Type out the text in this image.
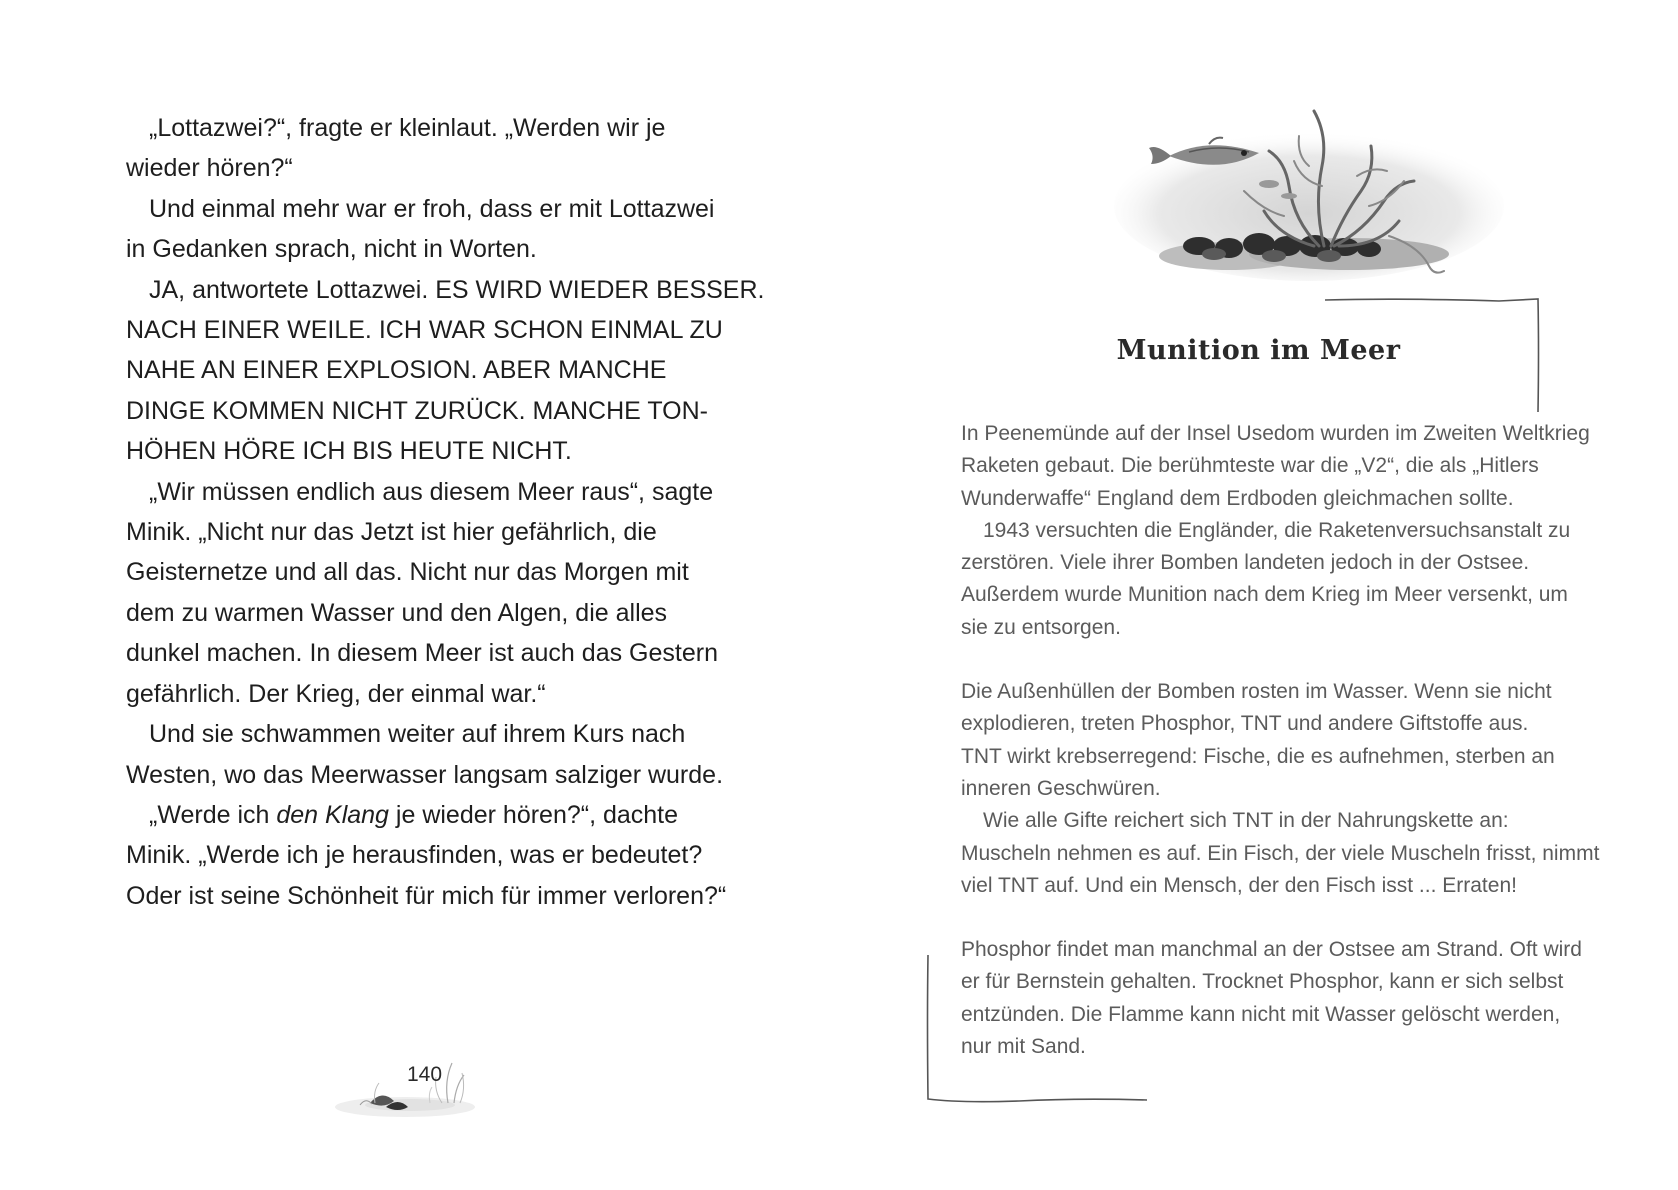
„Lottazwei?“, fragte er kleinlaut. „Werden wir je

wieder hören?“

Und einmal mehr war er froh, dass er mit Lottazwei

in Gedanken sprach, nicht in Worten.

JA, antwortete Lottazwei. ES WIRD WIEDER BESSER.

NACH EINER WEILE. ICH WAR SCHON EINMAL ZU

NAHE AN EINER EXPLOSION. ABER MANCHE

DINGE KOMMEN NICHT ZURÜCK. MANCHE TON-

HÖHEN HÖRE ICH BIS HEUTE NICHT.

„Wir müssen endlich aus diesem Meer raus“, sagte

Minik. „Nicht nur das Jetzt ist hier gefährlich, die

Geisternetze und all das. Nicht nur das Morgen mit

dem zu warmen Wasser und den Algen, die alles

dunkel machen. In diesem Meer ist auch das Gestern

gefährlich. Der Krieg, der einmal war.“

Und sie schwammen weiter auf ihrem Kurs nach

Westen, wo das Meerwasser langsam salziger wurde.

„Werde ich den Klang je wieder hören?“, dachte

Minik. „Werde ich je herausfinden, was er bedeutet?

Oder ist seine Schönheit für mich für immer verloren?“

140
Munition im Meer

In Peenemünde auf der Insel Usedom wurden im Zweiten Weltkrieg

Raketen gebaut. Die berühmteste war die „V2“, die als „Hitlers

Wunderwaffe“ England dem Erdboden gleichmachen sollte.

1943 versuchten die Engländer, die Raketenversuchsanstalt zu

zerstören. Viele ihrer Bomben landeten jedoch in der Ostsee.

Außerdem wurde Munition nach dem Krieg im Meer versenkt, um

sie zu entsorgen.

Die Außenhüllen der Bomben rosten im Wasser. Wenn sie nicht

explodieren, treten Phosphor, TNT und andere Giftstoffe aus.

TNT wirkt krebserregend: Fische, die es aufnehmen, sterben an

inneren Geschwüren.

Wie alle Gifte reichert sich TNT in der Nahrungskette an:

Muscheln nehmen es auf. Ein Fisch, der viele Muscheln frisst, nimmt

viel TNT auf. Und ein Mensch, der den Fisch isst ... Erraten!

Phosphor findet man manchmal an der Ostsee am Strand. Oft wird

er für Bernstein gehalten. Trocknet Phosphor, kann er sich selbst

entzünden. Die Flamme kann nicht mit Wasser gelöscht werden,

nur mit Sand.
